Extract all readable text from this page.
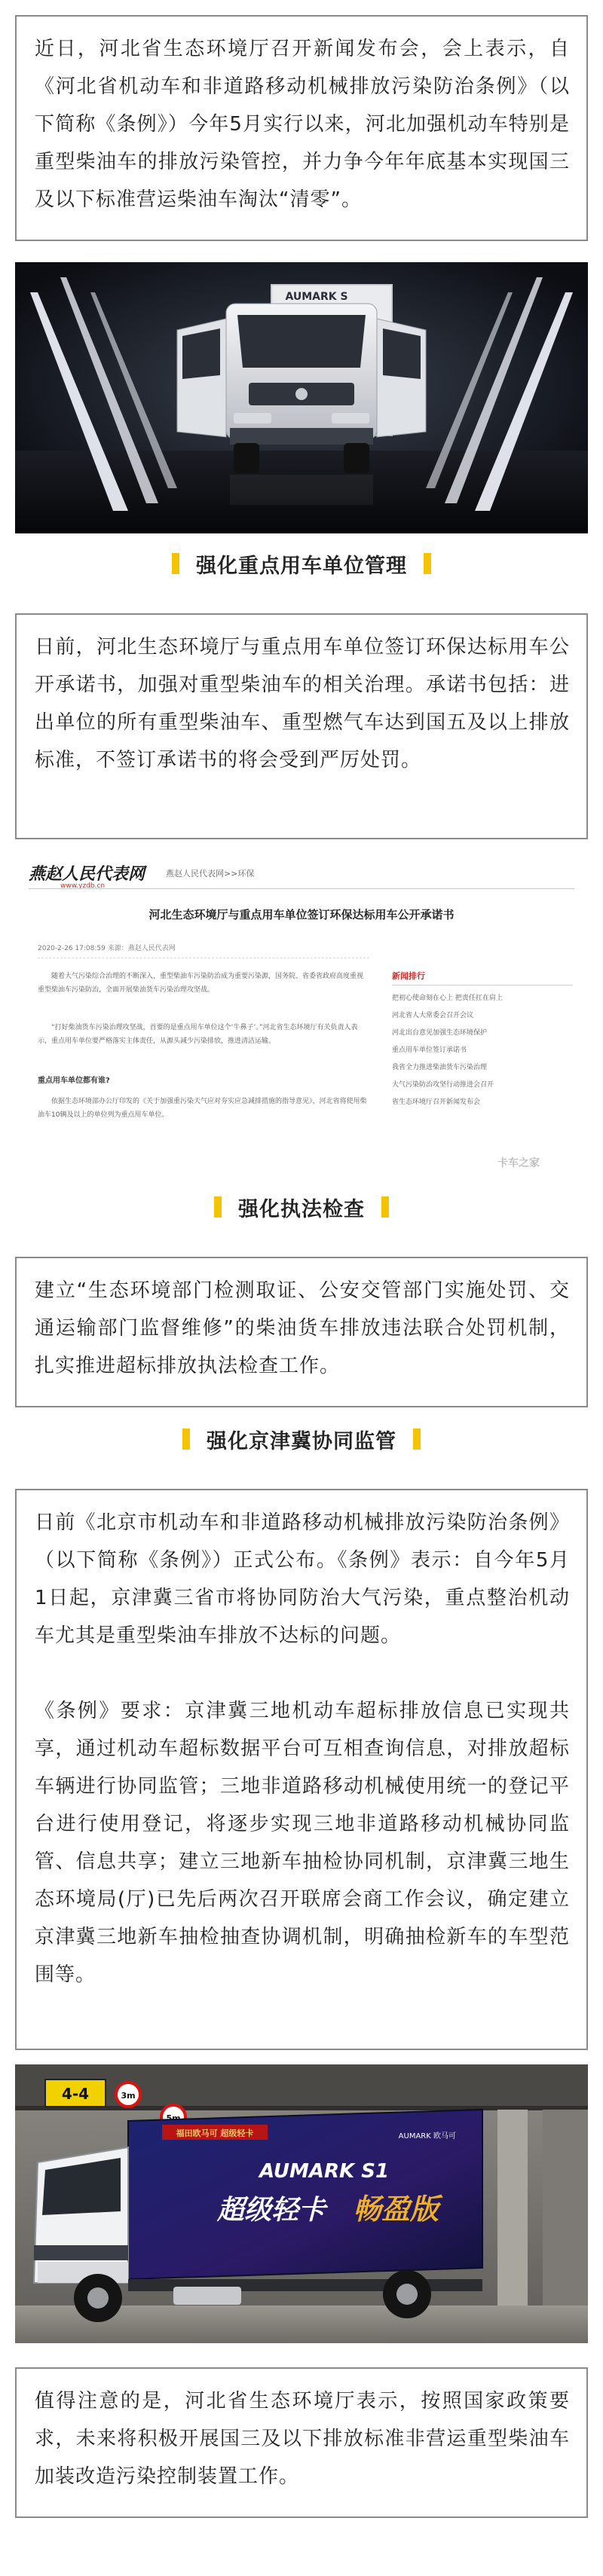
近日，河北省生态环境厅召开新闻发布会，会上表示，自《河北省机动车和非道路移动机械排放污染防治条例》（以下简称《条例》）今年5月实行以来，河北加强机动车特别是重型柴油车的排放污染管控，并力争今年年底基本实现国三及以下标准营运柴油车淘汰“清零”。

AUMARK S
强化重点用车单位管理

日前，河北生态环境厅与重点用车单位签订环保达标用车公开承诺书，加强对重型柴油车的相关治理。承诺书包括：进出单位的所有重型柴油车、重型燃气车达到国五及以上排放标准，不签订承诺书的将会受到严厉处罚。

燕赵人民代表网
www.yzdb.cn
燕赵人民代表网>>环保
河北生态环境厅与重点用车单位签订环保达标用车公开承诺书
2020-2-26 17:08:59 来源：燕赵人民代表网
随着大气污染综合治理的不断深入，重型柴油车污染防治成为重要污染源，国务院、省委省政府高度重视重型柴油车污染防治，全面开展柴油货车污染治理攻坚战。
“打好柴油货车污染治理攻坚战，首要的是重点用车单位这个‘牛鼻子’。”河北省生态环境厅有关负责人表示，重点用车单位要严格落实主体责任，从源头减少污染排放，推进清洁运输。
重点用车单位都有谁?
依据生态环境部办公厅印发的《关于加强重污染天气应对夯实应急减排措施的指导意见》，河北省将使用柴油车10辆及以上的单位列为重点用车单位。
新闻排行
把初心使命刻在心上 把责任扛在肩上
河北省人大常委会召开会议
河北出台意见加强生态环境保护
重点用车单位签订承诺书
我省全力推进柴油货车污染治理
大气污染防治攻坚行动推进会召开
省生态环境厅召开新闻发布会
卡车之家
强化执法检查

建立“生态环境部门检测取证、公安交管部门实施处罚、交通运输部门监督维修”的柴油货车排放违法联合处罚机制，扎实推进超标排放执法检查工作。

强化京津冀协同监管

日前《北京市机动车和非道路移动机械排放污染防治条例》（以下简称《条例》）正式公布。《条例》表示：自今年5月1日起，京津冀三省市将协同防治大气污染，重点整治机动车尤其是重型柴油车排放不达标的问题。

《条例》要求：京津冀三地机动车超标排放信息已实现共享，通过机动车超标数据平台可互相查询信息，对排放超标车辆进行协同监管；三地非道路移动机械使用统一的登记平台进行使用登记，将逐步实现三地非道路移动机械协同监管、信息共享；建立三地新车抽检协同机制，京津冀三地生态环境局(厅)已先后两次召开联席会商工作会议，确定建立京津冀三地新车抽检抽查协调机制，明确抽检新车的车型范围等。

4-4	3m
5m
福田欧马可 超级轻卡	AUMARK 欧马可
AUMARK S1
超级轻卡 畅盈版

值得注意的是，河北省生态环境厅表示，按照国家政策要求，未来将积极开展国三及以下排放标准非营运重型柴油车加装改造污染控制装置工作。
